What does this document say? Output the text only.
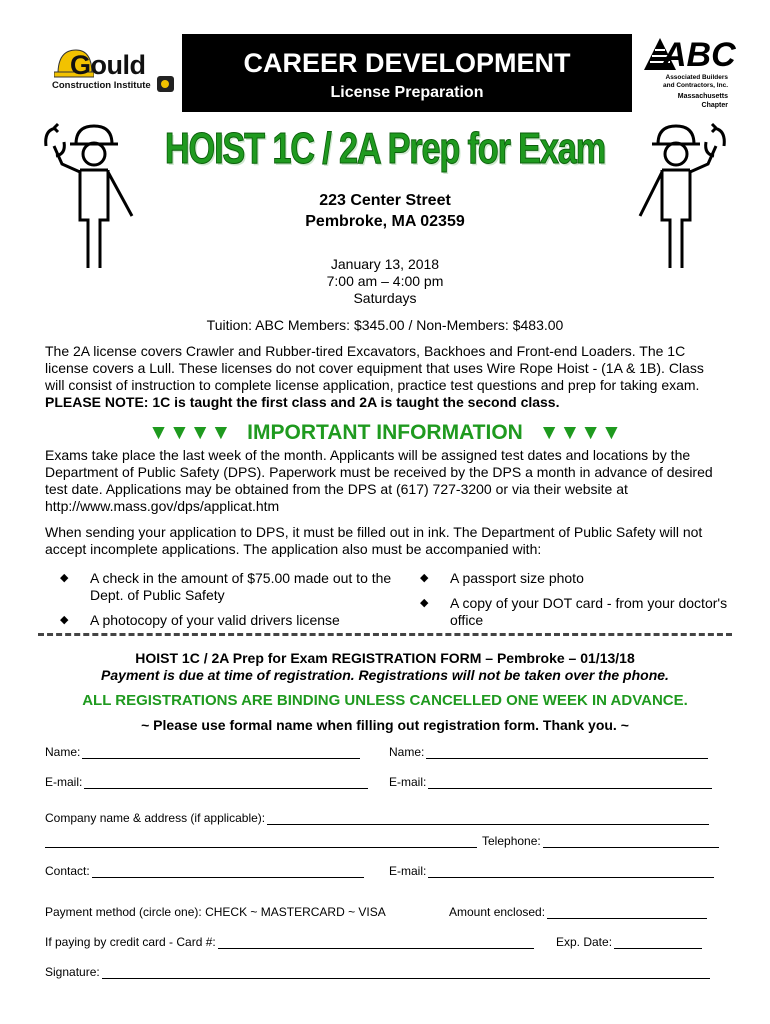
Gould
Construction Institute
CAREER DEVELOPMENT
License Preparation
ABC
Associated Builders and Contractors, Inc.
Massachusetts Chapter
HOIST 1C / 2A Prep for Exam
223 Center Street
Pembroke, MA 02359
January 13, 2018
7:00 am – 4:00 pm
Saturdays
Tuition: ABC Members: $345.00 / Non-Members: $483.00
The 2A license covers Crawler and Rubber-tired Excavators, Backhoes and Front-end Loaders. The 1C license covers a Lull. These licenses do not cover equipment that uses Wire Rope Hoist - (1A & 1B). Class will consist of instruction to complete license application, practice test questions and prep for taking exam. PLEASE NOTE: 1C is taught the first class and 2A is taught the second class.
▼▼▼▼ IMPORTANT INFORMATION ▼▼▼▼
Exams take place the last week of the month. Applicants will be assigned test dates and locations by the Department of Public Safety (DPS). Paperwork must be received by the DPS a month in advance of desired test date. Applications may be obtained from the DPS at (617) 727-3200 or via their website at http://www.mass.gov/dps/applicat.htm
When sending your application to DPS, it must be filled out in ink. The Department of Public Safety will not accept incomplete applications. The application also must be accompanied with:
◆ A check in the amount of $75.00 made out to the Dept. of Public Safety
◆ A photocopy of your valid drivers license
◆ A passport size photo
◆ A copy of your DOT card - from your doctor's office
HOIST 1C / 2A Prep for Exam REGISTRATION FORM – Pembroke – 01/13/18
Payment is due at time of registration. Registrations will not be taken over the phone.
ALL REGISTRATIONS ARE BINDING UNLESS CANCELLED ONE WEEK IN ADVANCE.
~ Please use formal name when filling out registration form. Thank you. ~
Name:	Name:
E-mail:	E-mail:
Company name & address (if applicable):
Telephone:
Contact:	E-mail:
Payment method (circle one): CHECK ~ MASTERCARD ~ VISA	Amount enclosed:
If paying by credit card - Card #:	Exp. Date:
Signature:
